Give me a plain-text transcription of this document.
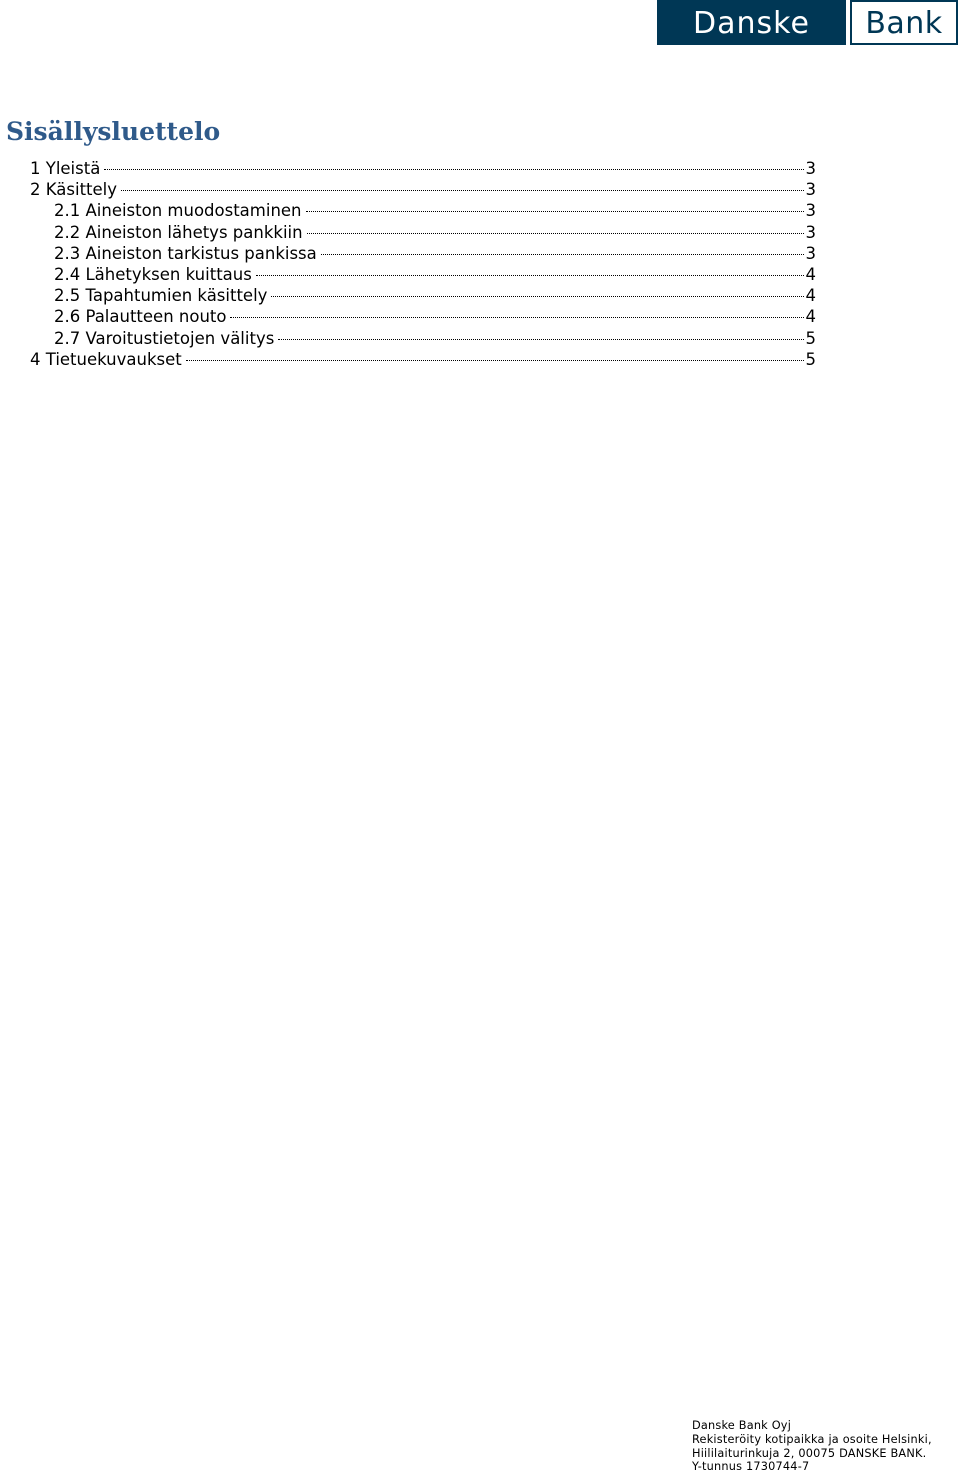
Danske	Bank
Sisällysluettelo
1 Yleistä	3
2 Käsittely	3
2.1 Aineiston muodostaminen	3
2.2 Aineiston lähetys pankkiin	3
2.3 Aineiston tarkistus pankissa	3
2.4 Lähetyksen kuittaus	4
2.5 Tapahtumien käsittely	4
2.6 Palautteen nouto	4
2.7 Varoitustietojen välitys	5
4 Tietuekuvaukset	5
Danske Bank Oyj
Rekisteröity kotipaikka ja osoite Helsinki,
Hiililaiturinkuja 2, 00075 DANSKE BANK.
Y-tunnus 1730744-7
